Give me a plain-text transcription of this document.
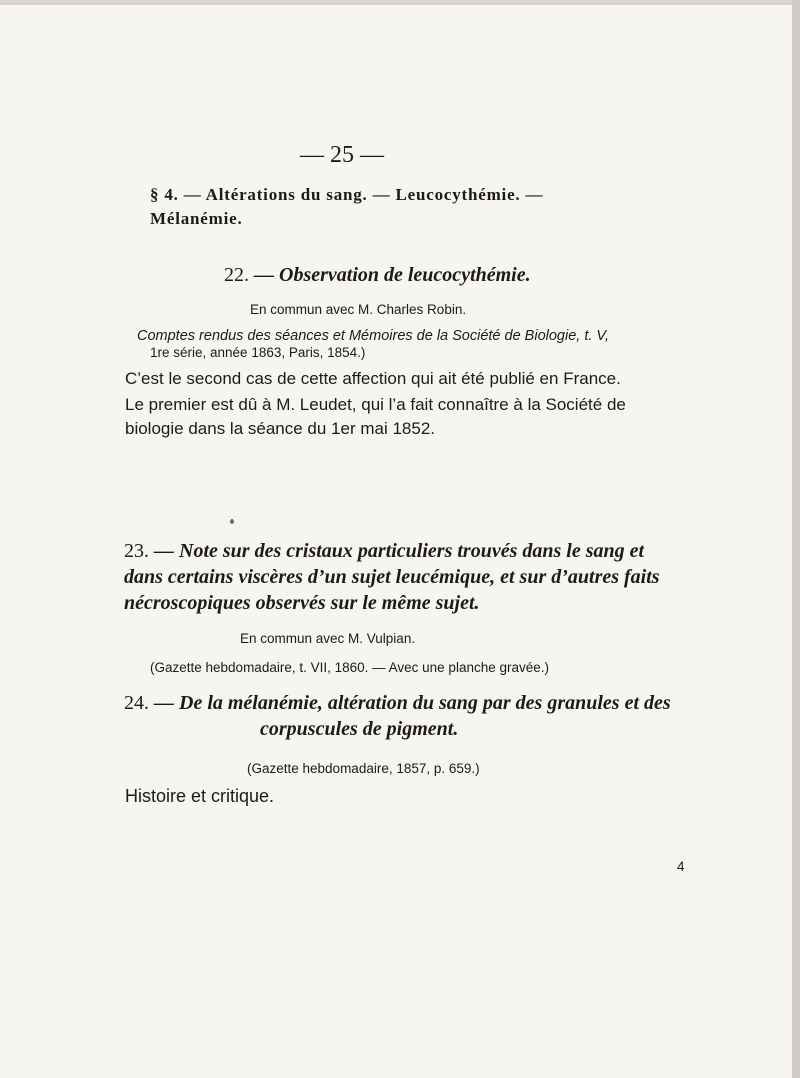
— 25 —
§ 4. — Altérations du sang. — Leucocythémie. —
Mélanémie.
22. — Observation de leucocythémie.
En commun avec M. Charles Robin.
Comptes rendus des séances et Mémoires de la Société de Biologie, t. V,
1re série, année 1863, Paris, 1854.)
C’est le second cas de cette affection qui ait été publié en France.
Le premier est dû à M. Leudet, qui l’a fait connaître à la Société de
biologie dans la séance du 1er mai 1852.
23. — Note sur des cristaux particuliers trouvés dans le sang et
dans certains viscères d’un sujet leucémique, et sur d’autres faits
nécroscopiques observés sur le même sujet.
En commun avec M. Vulpian.
(Gazette hebdomadaire, t. VII, 1860. — Avec une planche gravée.)
24. — De la mélanémie, altération du sang par des granules et des
corpuscules de pigment.
(Gazette hebdomadaire, 1857, p. 659.)
Histoire et critique.
4
